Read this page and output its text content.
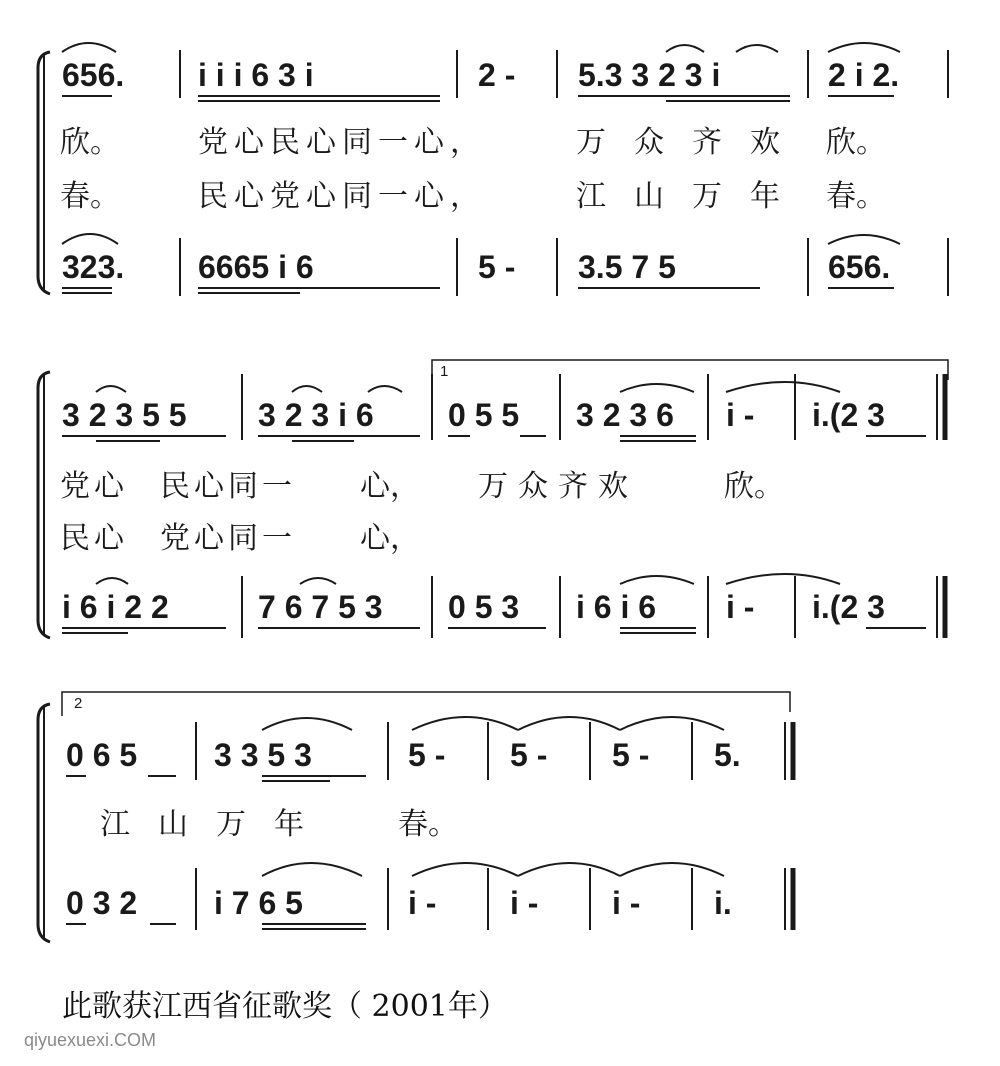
656. i i i 6 3 i	2 - 5.3 3 2 3 i	2 i 2.
欣。	党心民心同一心，	万众齐欢 欣。
春。	民心党心同一心，	江山万年 春。
323. 6665 i 6	5 - 3.5 7 5	656.
1
3 2 3 5 5 3 2 3 i 6 0 5 5 3 2 3 6 i - i.(2 3
党心 民心同一 心， 万众齐欢	欣。
民心 党心同一 心，
i 6 i 2 2	7 6 7 5 3 0 5 3 i 6 i 6 i - i.(2 3
2
0 6 5 3 3 5 3	5 - 5 - 5 - 5.
江山万年 春。
0 3 2 i 7 6 5	i - i - i - i.
此歌获江西省征歌奖（ 2001年）
qiyuexuexi.COM
